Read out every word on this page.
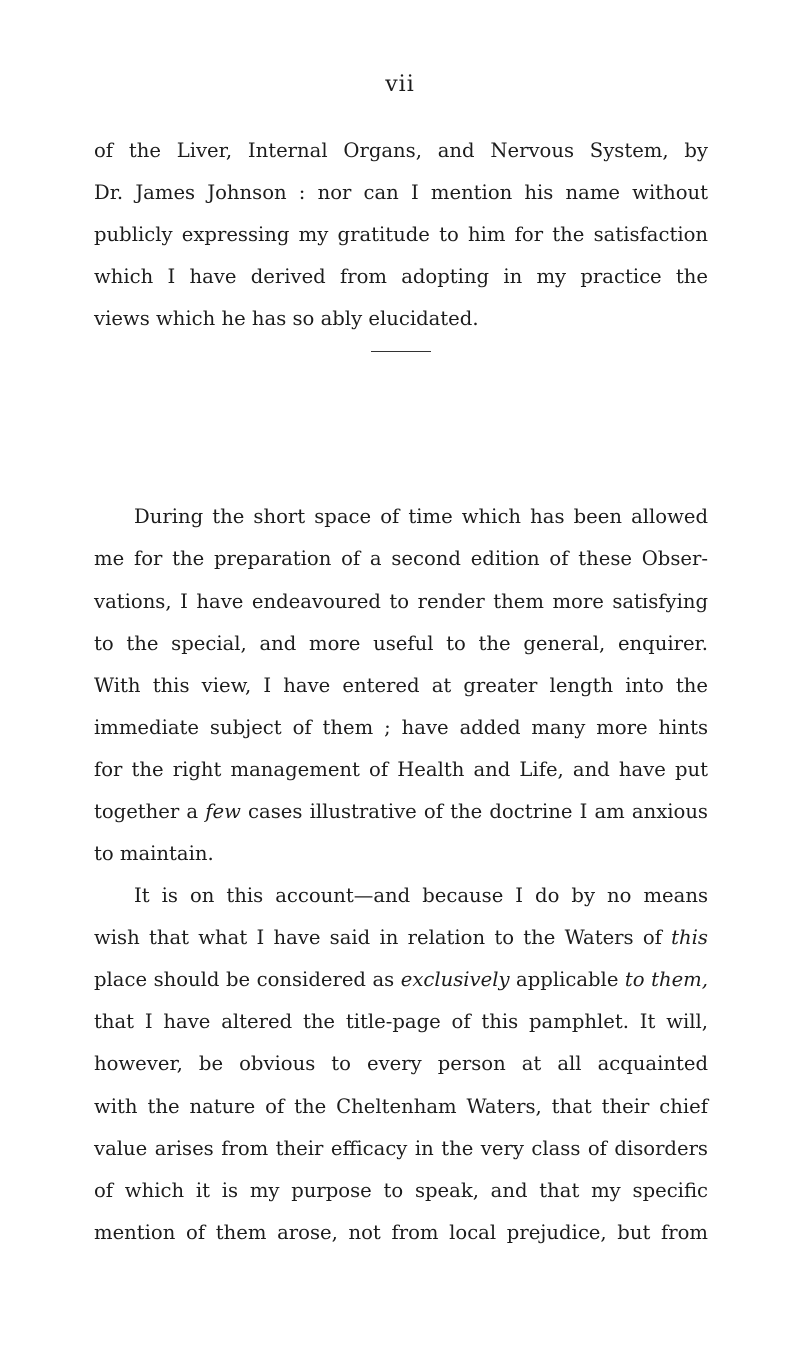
vii
of the Liver, Internal Organs, and Nervous System, by
Dr. James Johnson : nor can I mention his name without
publicly expressing my gratitude to him for the satisfaction
which I have derived from adopting in my practice the
views which he has so ably elucidated.
During the short space of time which has been allowed
me for the preparation of a second edition of these Obser-
vations, I have endeavoured to render them more satisfying
to the special, and more useful to the general, enquirer.
With this view, I have entered at greater length into the
immediate subject of them ; have added many more hints
for the right management of Health and Life, and have put
together a few cases illustrative of the doctrine I am anxious
to maintain.
It is on this account—and because I do by no means
wish that what I have said in relation to the Waters of this
place should be considered as exclusively applicable to them,
that I have altered the title-page of this pamphlet. It will,
however, be obvious to every person at all acquainted
with the nature of the Cheltenham Waters, that their chief
value arises from their efficacy in the very class of disorders
of which it is my purpose to speak, and that my specific
mention of them arose, not from local prejudice, but from
